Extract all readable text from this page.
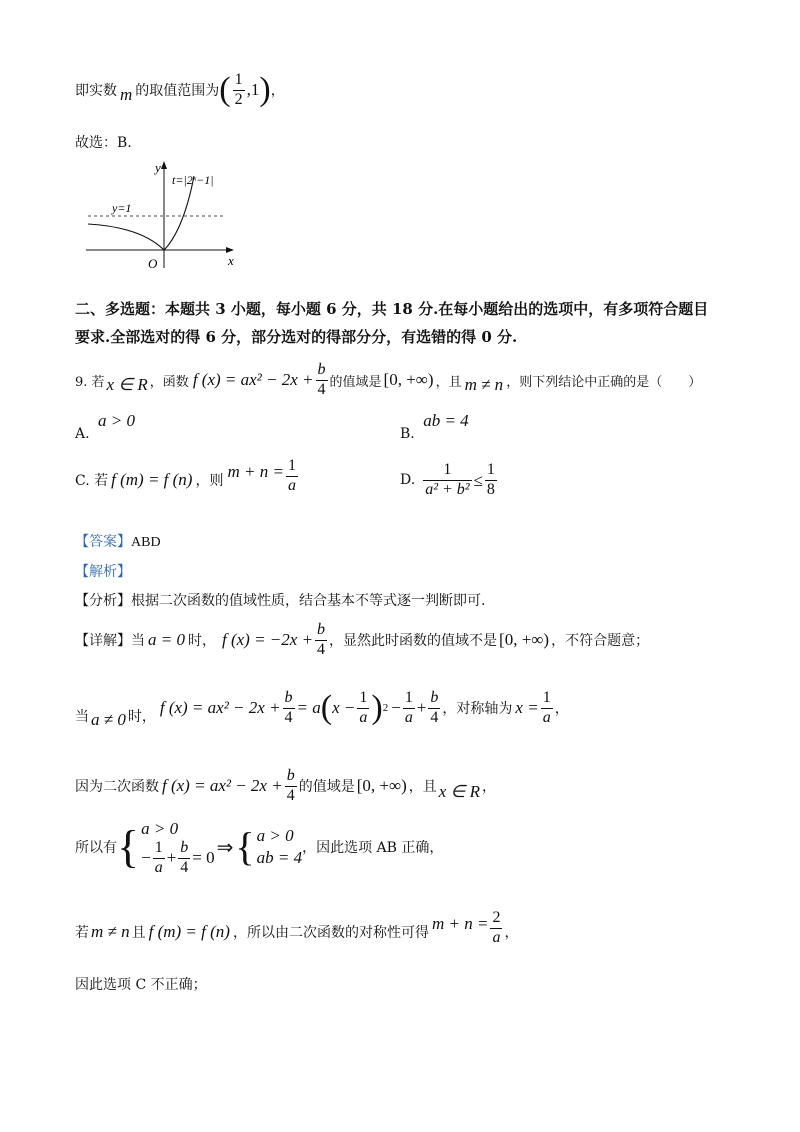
即实数 m 的取值范围为 ( $\frac{1}{2} ,1$ ) ，
故选：B.
y
x
O
t=|2ˣ−1|
y=1
二、多选题：本题共 3 小题，每小题 6 分，共 18 分.在每小题给出的选项中，有多项符合题目
要求.全部选对的得 6 分，部分选对的得部分分，有选错的得 0 分.
9. 若 x ∈ R ，函数 f $(x) = ax^2 - 2x + \frac{b}{4}$ 的值域是 [0, +∞) ，且 m ≠ n ，则下列结论中正确的是（　　）
A. a > 0
B. ab = 4
C. 若 f (m) = f (n) ，则 $m + n = \frac{1}{a}$	D. $\frac{1}{\text{a² + b²}} \le \frac{1}{8}$
【答案】ABD
【解析】
【分析】根据二次函数的值域性质，结合基本不等式逐一判断即可.
【详解】当 a = 0 时， f $(x) = -2x + \frac{b}{4}$ ，显然此时函数的值域不是 [0, +∞) ，不符合题意；
当 a ≠ 0 时， f $(x) = ax^2 - 2x + \frac{b}{4} = a$ ( $x - \frac{1}{a}$ ) $2 - \frac{1}{a} + \frac{b}{4}$ ，对称轴为 $x = \frac{1}{a}$ ，
因为二次函数 f $(x) = ax^2 - 2x + \frac{b}{4}$ 的值域是 [0, +∞) ，且 x ∈ R ，
所以有 { a > 0
− $\frac{1}{a} + \frac{b}{4} = 0$ ⇒ { a > 0
ab = 4 ，因此选项 AB 正确，
若 m ≠ n 且 f (m) = f (n) ，所以由二次函数的对称性可得 $m + n = \frac{2}{a}$ ，
因此选项 C 不正确；
